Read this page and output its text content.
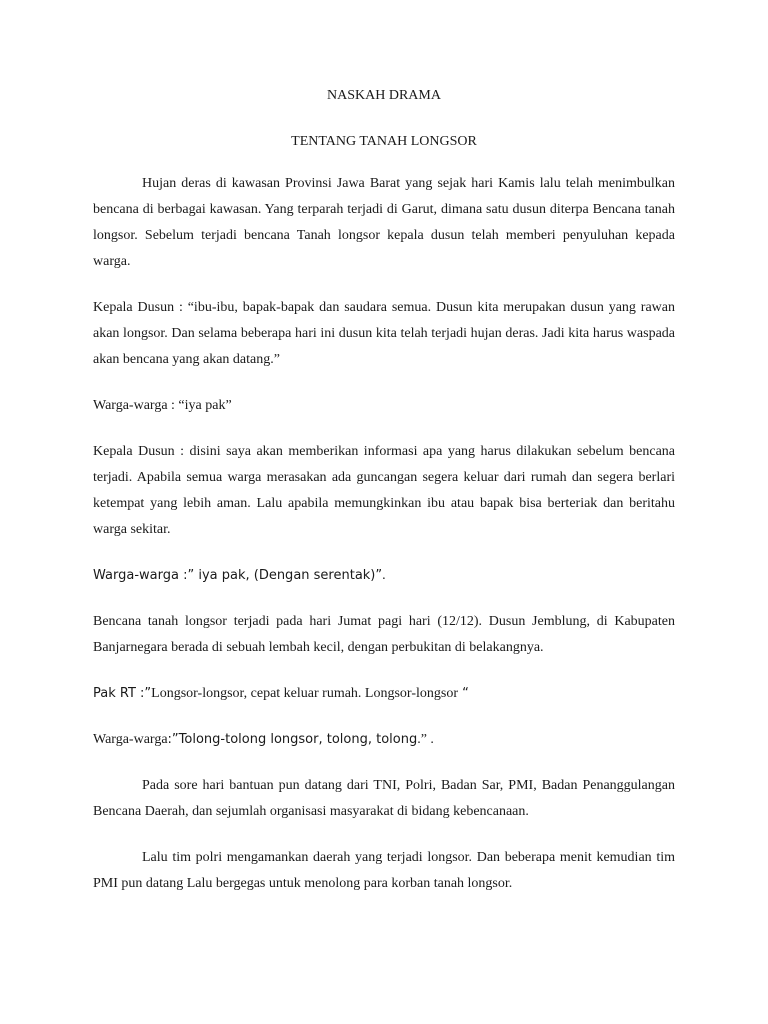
NASKAH DRAMA
TENTANG TANAH LONGSOR

Hujan deras di kawasan Provinsi Jawa Barat yang sejak hari Kamis lalu telah menimbulkan bencana di berbagai kawasan. Yang terparah terjadi di Garut, dimana satu dusun diterpa Bencana tanah longsor. Sebelum terjadi bencana Tanah longsor kepala dusun telah memberi penyuluhan kepada warga.

Kepala Dusun : “ibu-ibu, bapak-bapak dan saudara semua. Dusun kita merupakan dusun yang rawan akan longsor. Dan selama beberapa hari ini dusun kita telah terjadi hujan deras. Jadi kita harus waspada akan bencana yang akan datang.”

Warga-warga : “iya pak”

Kepala Dusun : disini saya akan memberikan informasi apa yang harus dilakukan sebelum bencana terjadi. Apabila semua warga merasakan ada guncangan segera keluar dari rumah dan segera berlari ketempat yang lebih aman. Lalu apabila memungkinkan ibu atau bapak bisa berteriak dan beritahu warga sekitar.

Warga-warga :” iya pak, (Dengan serentak)”.

Bencana tanah longsor terjadi pada hari Jumat pagi hari (12/12). Dusun Jemblung, di Kabupaten Banjarnegara berada di sebuah lembah kecil, dengan perbukitan di belakangnya.

Pak RT :”Longsor-longsor, cepat keluar rumah. Longsor-longsor “

Warga-warga:”Tolong-tolong longsor, tolong, tolong.” .

Pada sore hari bantuan pun datang dari TNI, Polri, Badan Sar, PMI, Badan Penanggulangan Bencana Daerah, dan sejumlah organisasi masyarakat di bidang kebencanaan.

Lalu tim polri mengamankan daerah yang terjadi longsor. Dan beberapa menit kemudian tim PMI pun datang Lalu bergegas untuk menolong para korban tanah longsor.
